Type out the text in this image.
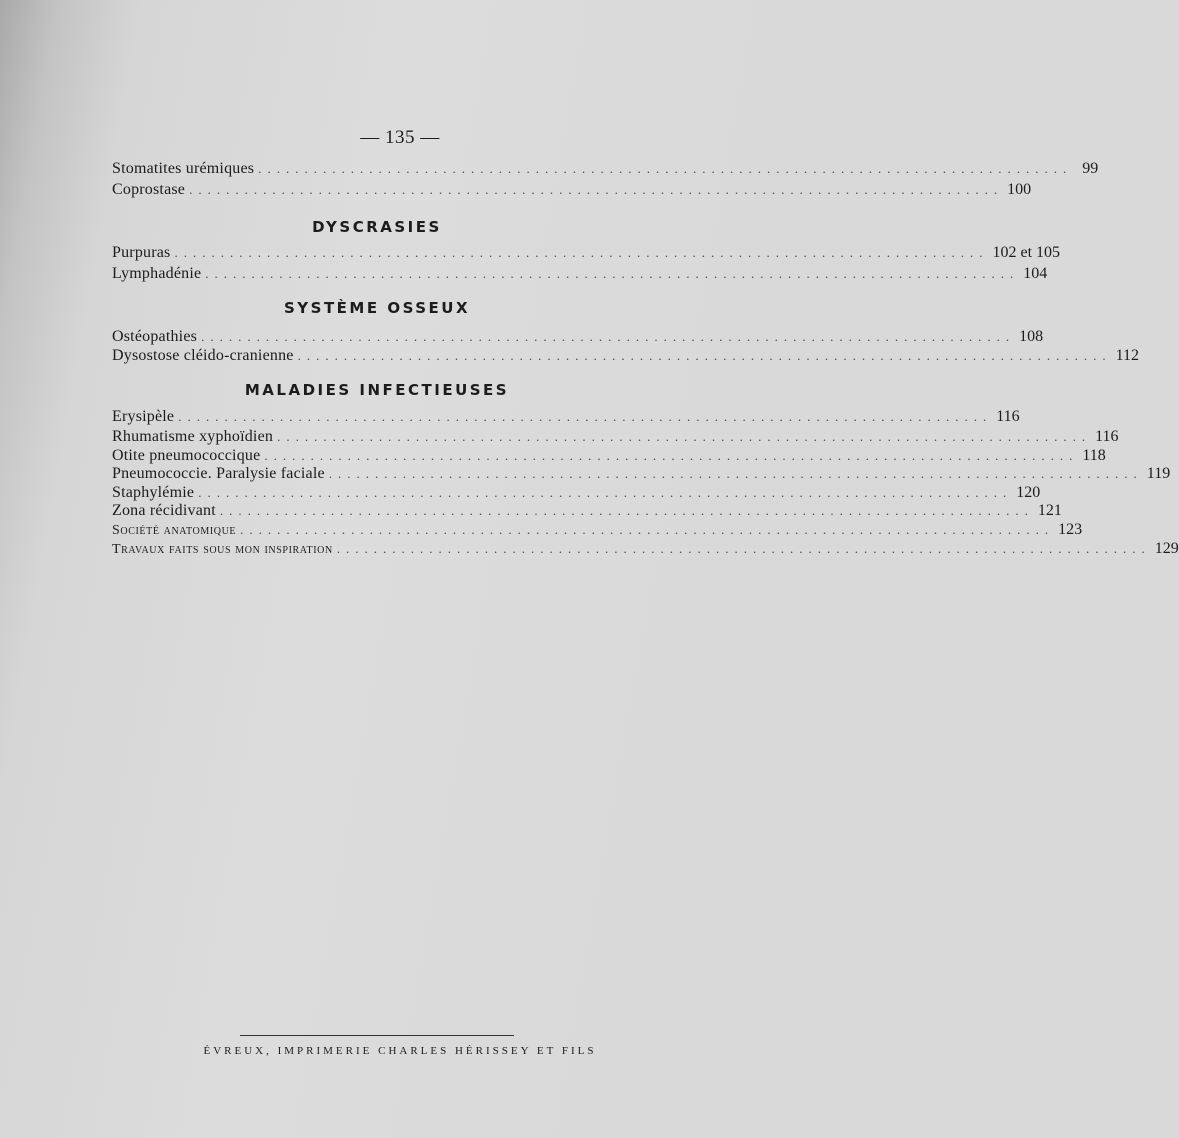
— 135 —
Stomatites urémiques ........................................................................................ 99
Coprostase ........................................................................................ 100
DYSCRASIES
Purpuras ........................................................................................ 102 et 105
Lymphadénie ........................................................................................ 104
SYSTÈME OSSEUX
Ostéopathies ........................................................................................ 108
Dysostose cléido-cranienne ........................................................................................ 112
MALADIES INFECTIEUSES
Erysipèle ........................................................................................ 116
Rhumatisme xyphoïdien ........................................................................................ 116
Otite pneumococcique ........................................................................................ 118
Pneumococcie. Paralysie faciale ........................................................................................ 119
Staphylémie ........................................................................................ 120
Zona récidivant ........................................................................................ 121
Société anatomique ........................................................................................ 123
Travaux faits sous mon inspiration ........................................................................................ 129
ÉVREUX, IMPRIMERIE CHARLES HÉRISSEY ET FILS
